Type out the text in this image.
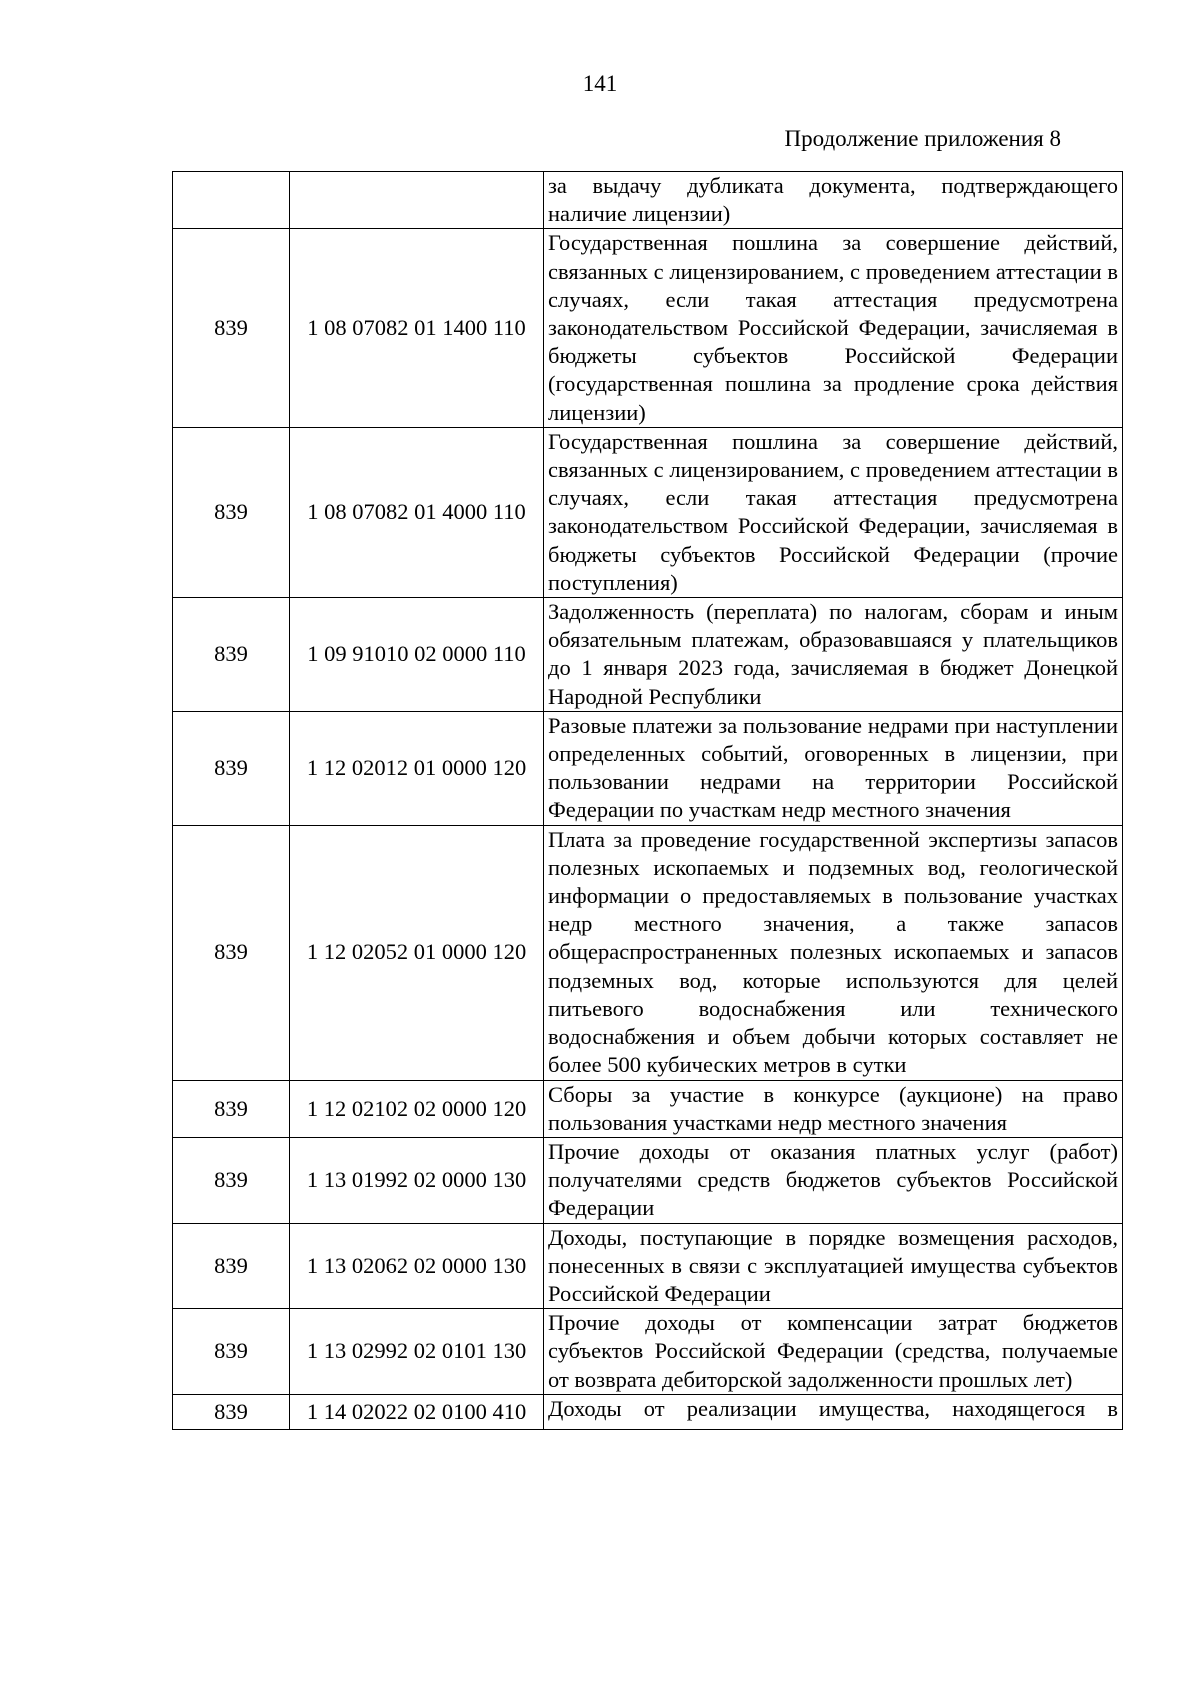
141
Продолжение приложения 8
		за выдачу дубликата документа, подтверждающего наличие лицензии)
839	1 08 07082 01 1400 110	Государственная пошлина за совершение действий, связанных с лицензированием, с проведением аттестации в случаях, если такая аттестация предусмотрена законодательством Российской Федерации, зачисляемая в бюджеты субъектов Российской Федерации (государственная пошлина за продление срока действия лицензии)
839	1 08 07082 01 4000 110	Государственная пошлина за совершение действий, связанных с лицензированием, с проведением аттестации в случаях, если такая аттестация предусмотрена законодательством Российской Федерации, зачисляемая в бюджеты субъектов Российской Федерации (прочие поступления)
839	1 09 91010 02 0000 110	Задолженность (переплата) по налогам, сборам и иным обязательным платежам, образовавшаяся у плательщиков до 1 января 2023 года, зачисляемая в бюджет Донецкой Народной Республики
839	1 12 02012 01 0000 120	Разовые платежи за пользование недрами при наступлении определенных событий, оговоренных в лицензии, при пользовании недрами на территории Российской Федерации по участкам недр местного значения
839	1 12 02052 01 0000 120	Плата за проведение государственной экспертизы запасов полезных ископаемых и подземных вод, геологической информации о предоставляемых в пользование участках недр местного значения, а также запасов общераспространенных полезных ископаемых и запасов подземных вод, которые используются для целей питьевого водоснабжения или технического водоснабжения и объем добычи которых составляет не более 500 кубических метров в сутки
839	1 12 02102 02 0000 120	Сборы за участие в конкурсе (аукционе) на право пользования участками недр местного значения
839	1 13 01992 02 0000 130	Прочие доходы от оказания платных услуг (работ) получателями средств бюджетов субъектов Российской Федерации
839	1 13 02062 02 0000 130	Доходы, поступающие в порядке возмещения расходов, понесенных в связи с эксплуатацией имущества субъектов Российской Федерации
839	1 13 02992 02 0101 130	Прочие доходы от компенсации затрат бюджетов субъектов Российской Федерации (средства, получаемые от возврата дебиторской задолженности прошлых лет)
839	1 14 02022 02 0100 410	Доходы от реализации имущества, находящегося в
